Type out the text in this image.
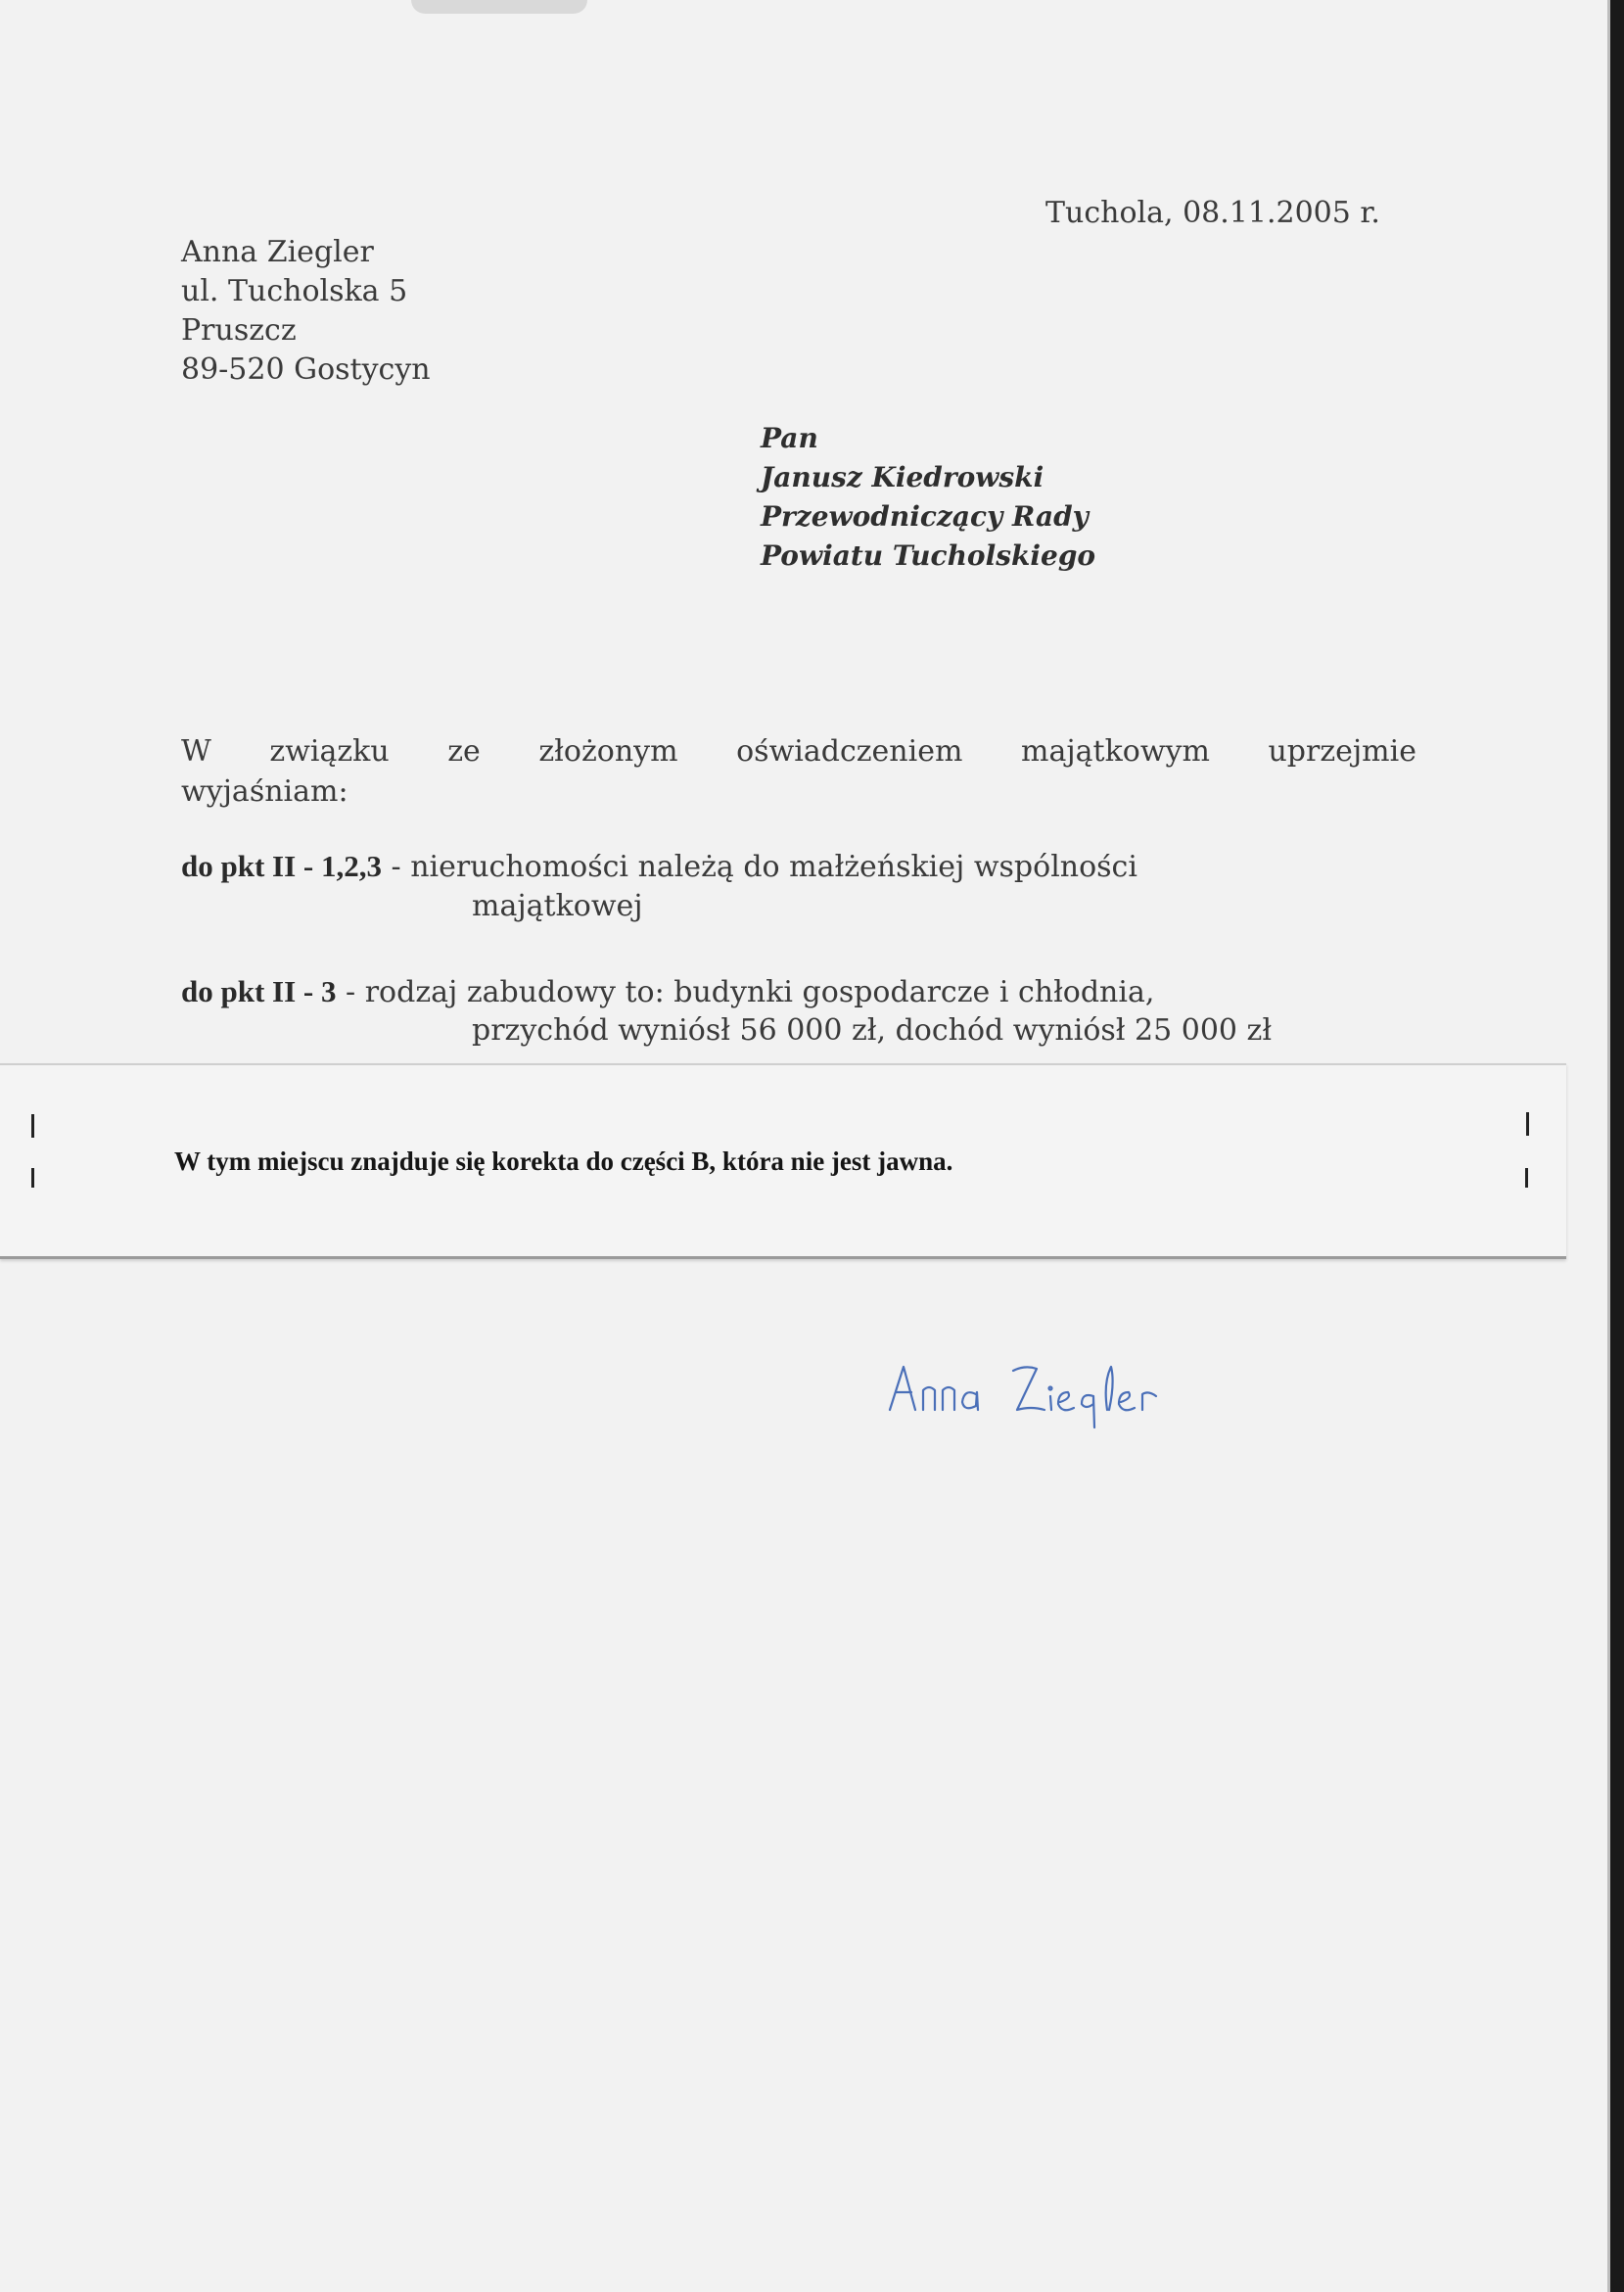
Tuchola, 08.11.2005 r.
Anna Ziegler
ul. Tucholska 5
Pruszcz
89-520 Gostycyn
Pan
Janusz Kiedrowski
Przewodniczący Rady
Powiatu Tucholskiego
W związku ze złożonym oświadczeniem majątkowym uprzejmie
wyjaśniam:
do pkt II - 1,2,3 - nieruchomości należą do małżeńskiej wspólności
majątkowej
do pkt II - 3 - rodzaj zabudowy to: budynki gospodarcze i chłodnia,
przychód wyniósł 56 000 zł, dochód wyniósł 25 000 zł
W tym miejscu znajduje się korekta do części B, która nie jest jawna.
